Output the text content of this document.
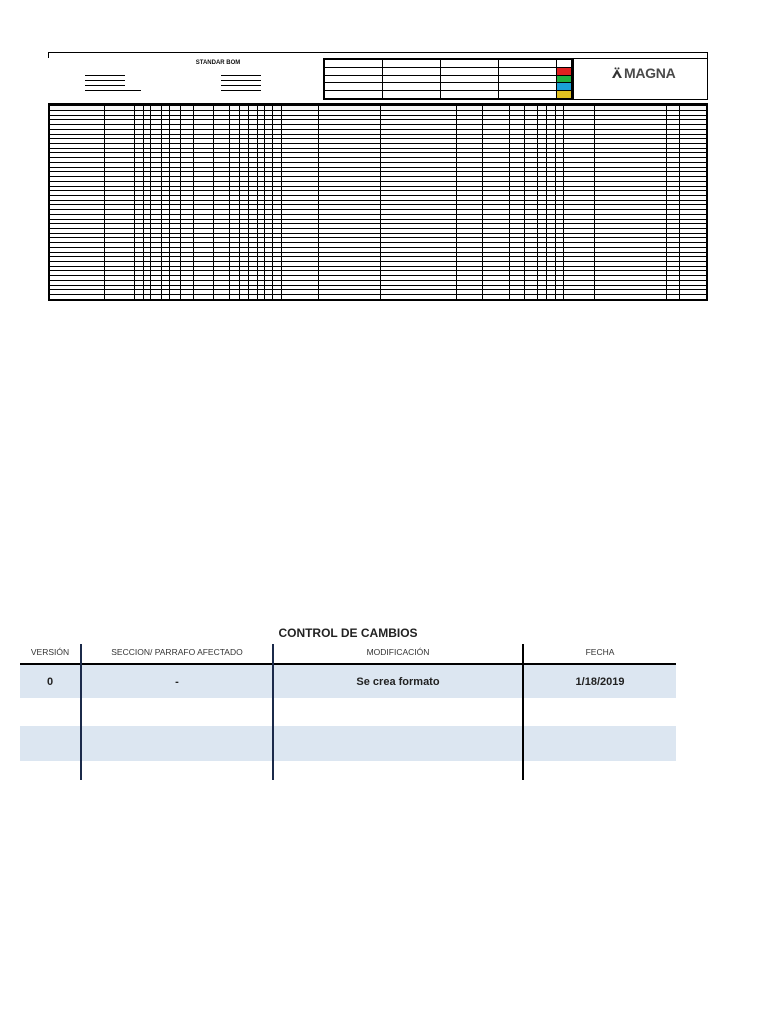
STANDAR BOM

MAGNA

CONTROL DE CAMBIOS
VERSIÓN	SECCION/ PARRAFO AFECTADO	MODIFICACIÓN	FECHA
0	-	Se crea formato	1/18/2019
